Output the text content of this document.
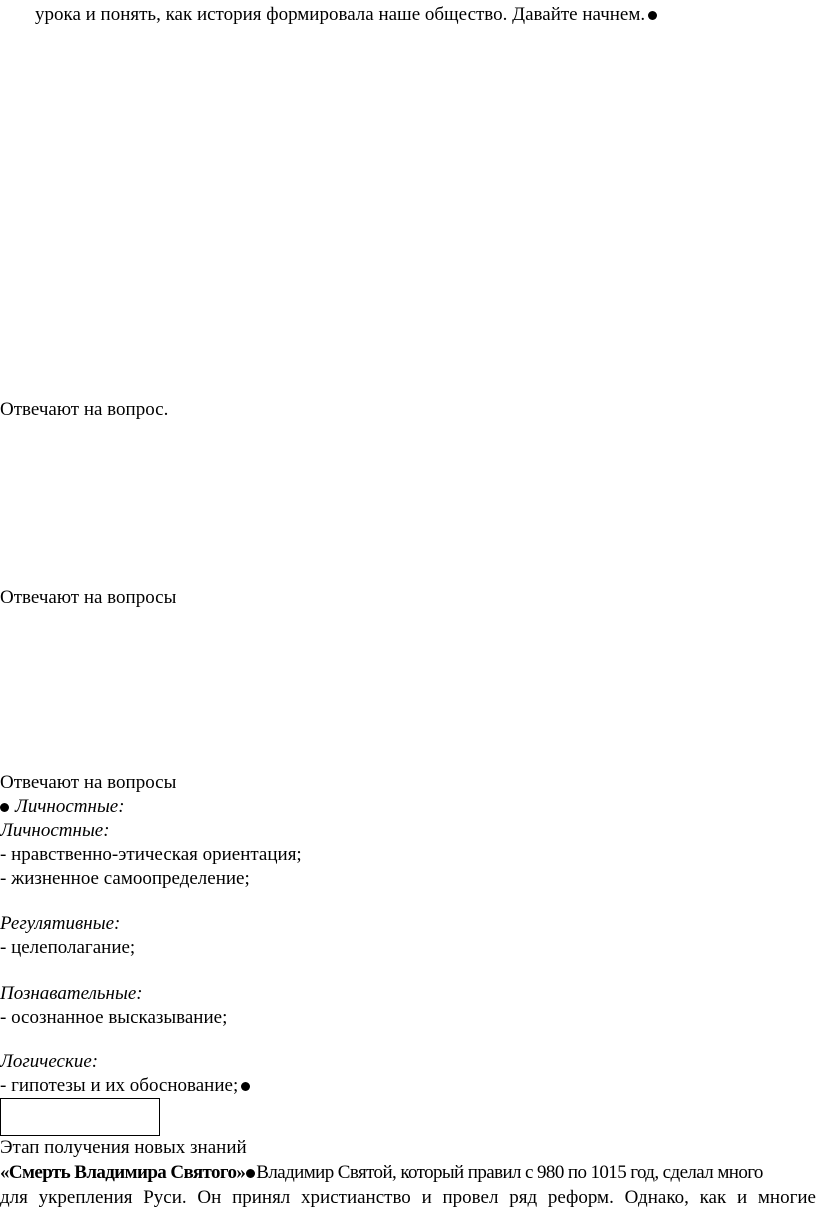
урока и понять, как история формировала наше общество. Давайте начнем.
Отвечают на вопрос.
Отвечают на вопросы
Отвечают на вопросы
Личностные:
Личностные:
- нравственно-этическая ориентация;
- жизненное самоопределение;
Регулятивные:
- целеполагание;
Познавательные:
- осознанное высказывание;
Логические:
- гипотезы и их обоснование;
Этап получения новых знаний
«Смерть Владимира Святого» Владимир Святой, который правил с 980 по 1015 год, сделал много
для укрепления Руси. Он принял христианство и провел ряд реформ. Однако, как и многие
